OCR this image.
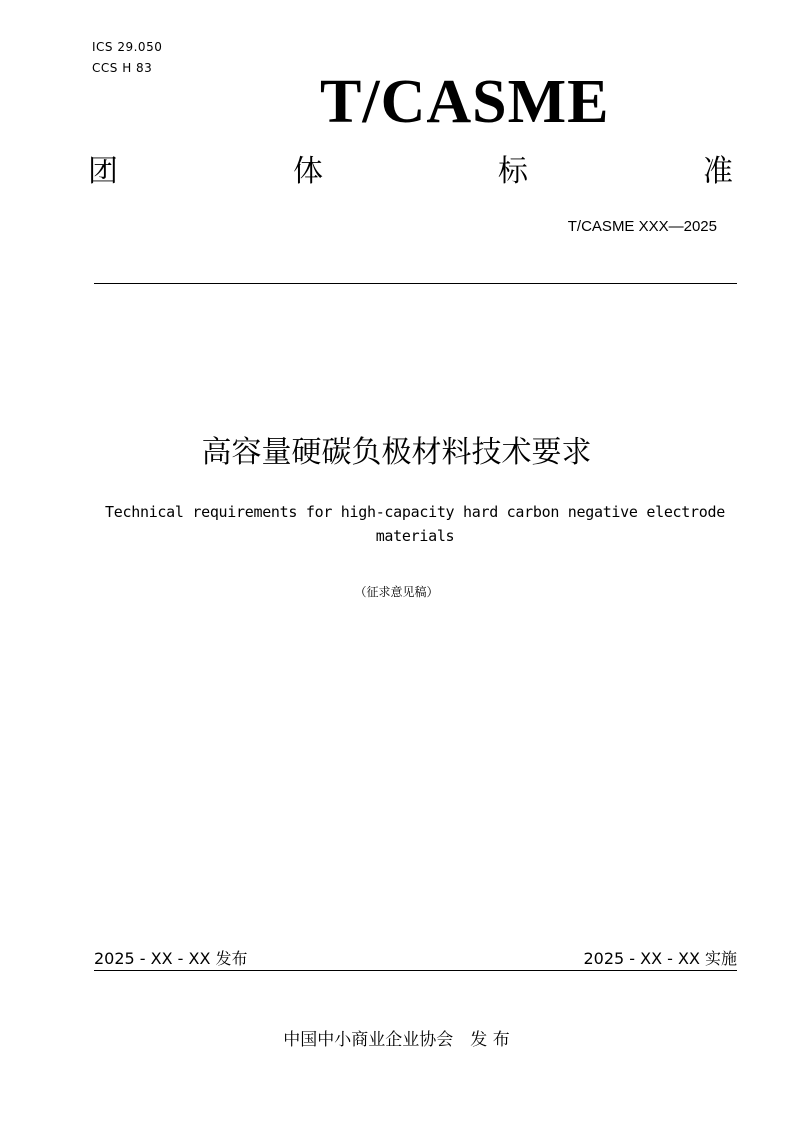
ICS 29.050
CCS H 83	T/CASME
团	体	标	准
T/CASME XXX—2025
高容量硬碳负极材料技术要求
Technical requirements for high-capacity hard carbon negative electrode materials
（征求意见稿）
2025 - XX - XX 发布	2025 - XX - XX 实施
中国中小商业企业协会　发 布
